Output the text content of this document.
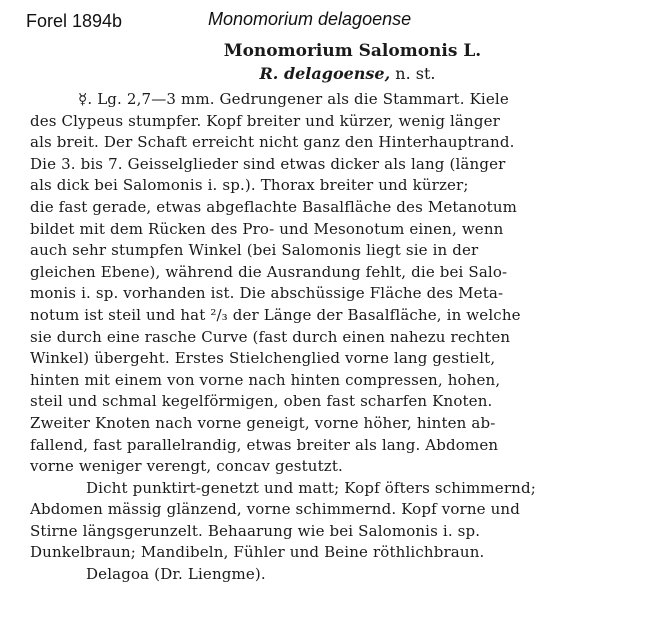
Forel 1894b	Monomorium delagoense

Monomorium Salomonis L.

R. delagoense, n. st.

☿. Lg. 2,7—3 mm. Gedrungener als die Stammart. Kiele
des Clypeus stumpfer. Kopf breiter und kürzer, wenig länger
als breit. Der Schaft erreicht nicht ganz den Hinterhauptrand.
Die 3. bis 7. Geisselglieder sind etwas dicker als lang (länger
als dick bei Salomonis i. sp.). Thorax breiter und kürzer;
die fast gerade, etwas abgeflachte Basalfläche des Metanotum
bildet mit dem Rücken des Pro- und Mesonotum einen, wenn
auch sehr stumpfen Winkel (bei Salomonis liegt sie in der
gleichen Ebene), während die Ausrandung fehlt, die bei Salo-
monis i. sp. vorhanden ist. Die abschüssige Fläche des Meta-
notum ist steil und hat ²/₃ der Länge der Basalfläche, in welche
sie durch eine rasche Curve (fast durch einen nahezu rechten
Winkel) übergeht. Erstes Stielchenglied vorne lang gestielt,
hinten mit einem von vorne nach hinten compressen, hohen,
steil und schmal kegelförmigen, oben fast scharfen Knoten.
Zweiter Knoten nach vorne geneigt, vorne höher, hinten ab-
fallend, fast parallelrandig, etwas breiter als lang. Abdomen
vorne weniger verengt, concav gestutzt.
Dicht punktirt-genetzt und matt; Kopf öfters schimmernd;
Abdomen mässig glänzend, vorne schimmernd. Kopf vorne und
Stirne längsgerunzelt. Behaarung wie bei Salomonis i. sp.
Dunkelbraun; Mandibeln, Fühler und Beine röthlichbraun.
Delagoa (Dr. Liengme).
